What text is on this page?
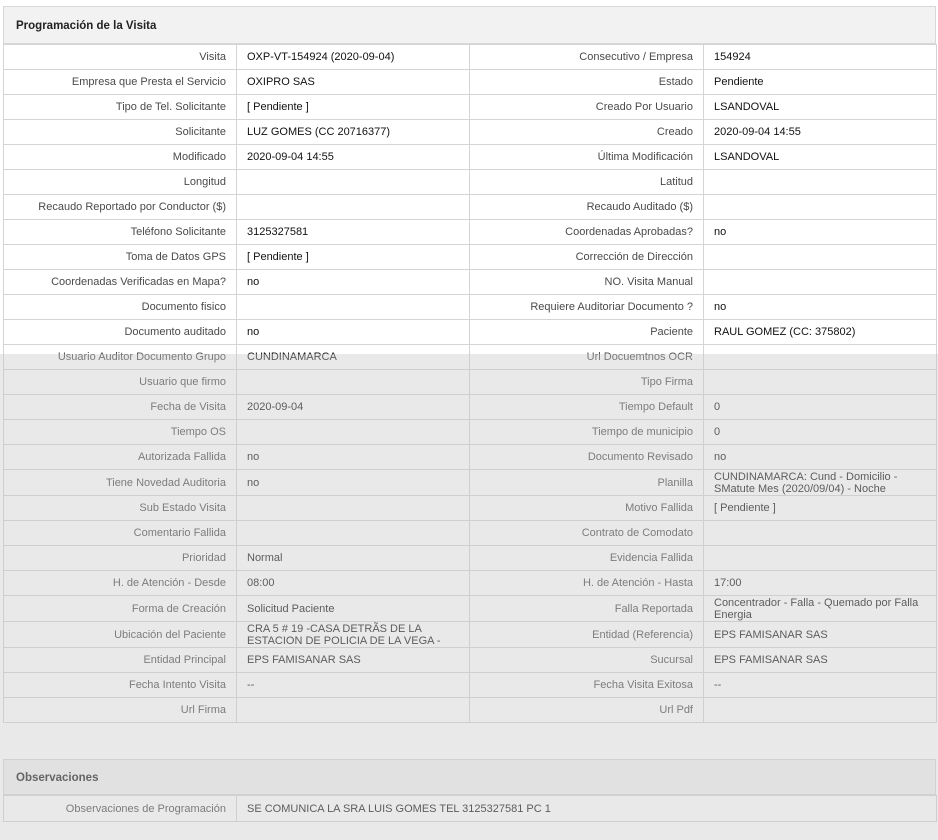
Programación de la Visita
Visita	OXP-VT-154924 (2020-09-04)	Consecutivo / Empresa	154924
Empresa que Presta el Servicio	OXIPRO SAS	Estado	Pendiente
Tipo de Tel. Solicitante	[ Pendiente ]	Creado Por Usuario	LSANDOVAL
Solicitante	LUZ GOMES (CC 20716377)	Creado	2020-09-04 14:55
Modificado	2020-09-04 14:55	Última Modificación	LSANDOVAL
Longitud		Latitud	
Recaudo Reportado por Conductor ($)		Recaudo Auditado ($)	
Teléfono Solicitante	3125327581	Coordenadas Aprobadas?	no
Toma de Datos GPS	[ Pendiente ]	Corrección de Dirección	
Coordenadas Verificadas en Mapa?	no	NO. Visita Manual	
Documento fisico		Requiere Auditoriar Documento ?	no
Documento auditado	no	Paciente	RAUL GOMEZ (CC: 375802)
Usuario Auditor Documento Grupo	CUNDINAMARCA	Url Docuemtnos OCR	
Usuario que firmo		Tipo Firma	
Fecha de Visita	2020-09-04	Tiempo Default	0
Tiempo OS		Tiempo de municipio	0
Autorizada Fallida	no	Documento Revisado	no
Tiene Novedad Auditoria	no	Planilla	CUNDINAMARCA: Cund - Domicilio - SMatute Mes (2020/09/04) - Noche
Sub Estado Visita		Motivo Fallida	[ Pendiente ]
Comentario Fallida		Contrato de Comodato	
Prioridad	Normal	Evidencia Fallida	
H. de Atención - Desde	08:00	H. de Atención - Hasta	17:00
Forma de Creación	Solicitud Paciente	Falla Reportada	Concentrador - Falla - Quemado por Falla Energia
Ubicación del Paciente	CRA 5 # 19 -CASA DETRÃS DE LA ESTACION DE POLICIA DE LA VEGA -	Entidad (Referencia)	EPS FAMISANAR SAS
Entidad Principal	EPS FAMISANAR SAS	Sucursal	EPS FAMISANAR SAS
Fecha Intento Visita	--	Fecha Visita Exitosa	--
Url Firma		Url Pdf	
Observaciones
Observaciones de Programación	SE COMUNICA LA SRA LUIS GOMES TEL 3125327581 PC 1
